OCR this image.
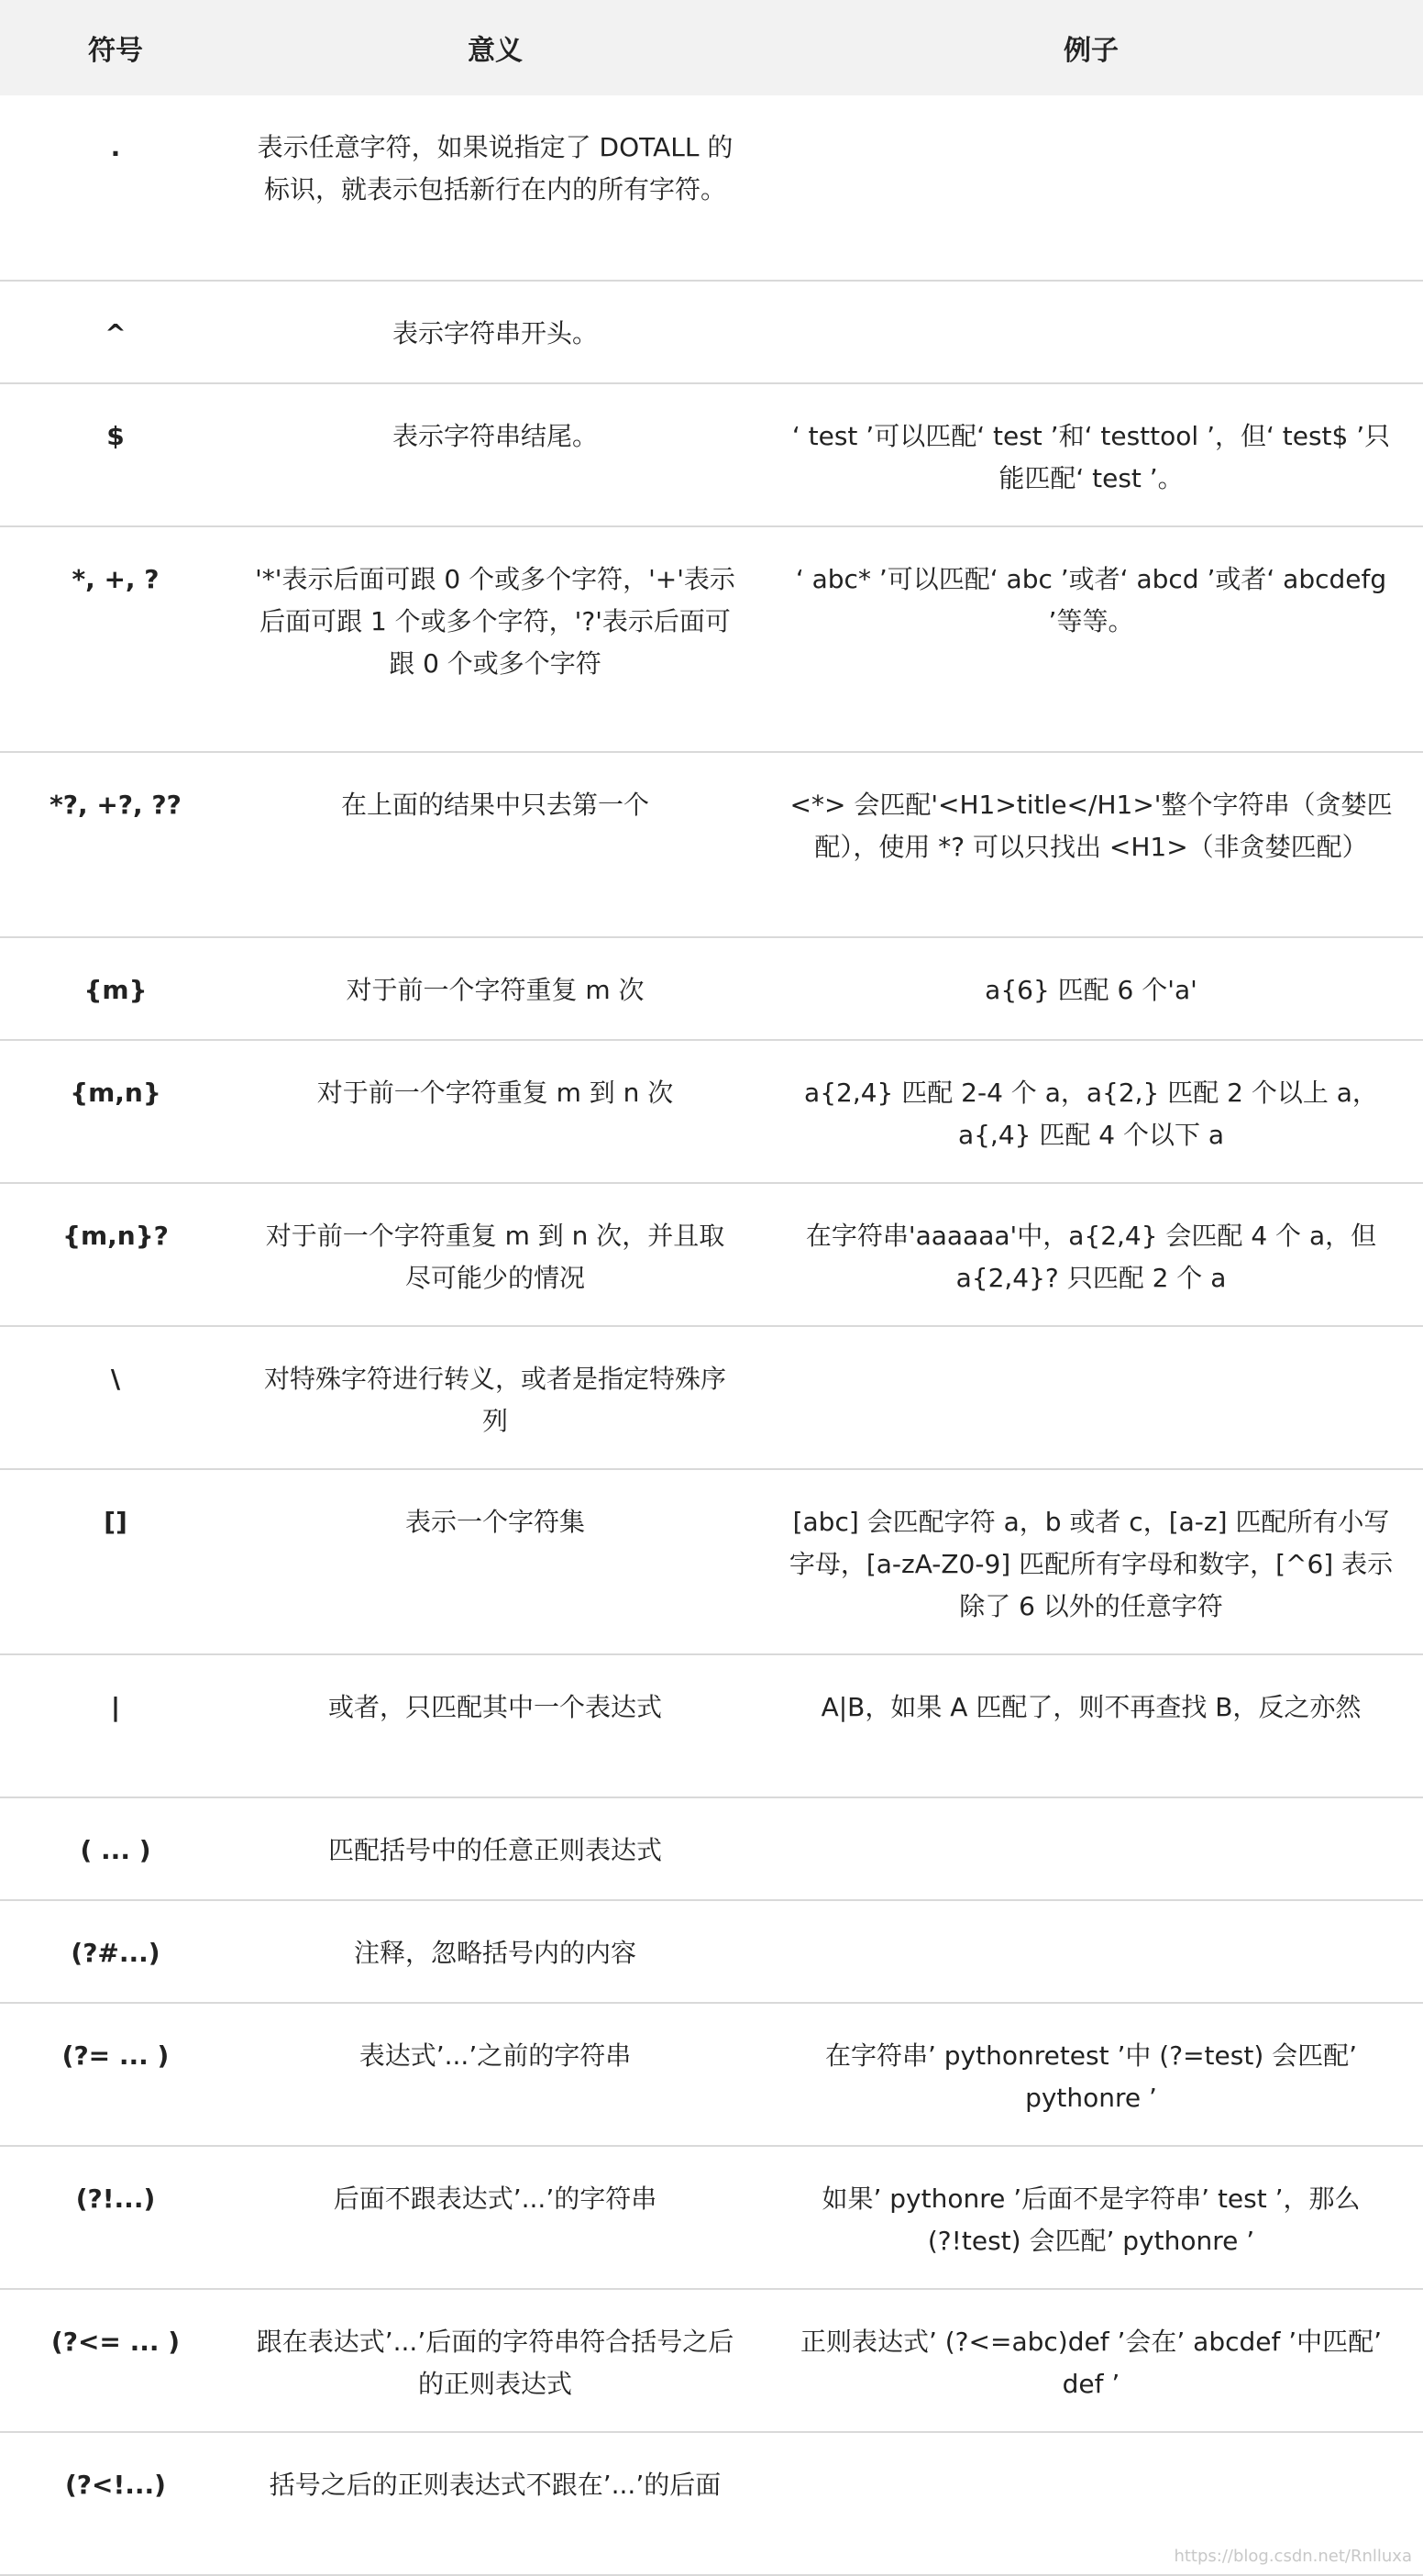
符号	意义	例子
.	表示任意字符，如果说指定了 DOTALL 的标识，就表示包括新行在内的所有字符。	
^	表示字符串开头。	
$	表示字符串结尾。	‘ test ’可以匹配‘ test ’和‘ testtool ’，但‘ test$ ’只能匹配‘ test ’。
*, +, ?	'*'表示后面可跟 0 个或多个字符，'+'表示后面可跟 1 个或多个字符，'?'表示后面可跟 0 个或多个字符	‘ abc* ’可以匹配‘ abc ’或者‘ abcd ’或者‘ abcdefg ’等等。
*?, +?, ??	在上面的结果中只去第一个	<*> 会匹配'<H1>title</H1>'整个字符串（贪婪匹配），使用 *? 可以只找出 <H1>（非贪婪匹配）
{m}	对于前一个字符重复 m 次	a{6} 匹配 6 个'a'
{m,n}	对于前一个字符重复 m 到 n 次	a{2,4} 匹配 2-4 个 a，a{2,} 匹配 2 个以上 a，a{,4} 匹配 4 个以下 a
{m,n}?	对于前一个字符重复 m 到 n 次，并且取尽可能少的情况	在字符串'aaaaaa'中，a{2,4} 会匹配 4 个 a，但 a{2,4}? 只匹配 2 个 a
\	对特殊字符进行转义，或者是指定特殊序列	
[]	表示一个字符集	[abc] 会匹配字符 a，b 或者 c，[a-z] 匹配所有小写字母，[a-zA-Z0-9] 匹配所有字母和数字，[^6] 表示除了 6 以外的任意字符
|	或者，只匹配其中一个表达式	A|B，如果 A 匹配了，则不再查找 B，反之亦然
( ... )	匹配括号中的任意正则表达式	
(?#...)	注释，忽略括号内的内容	
(?= ... )	表达式’...’之前的字符串	在字符串’ pythonretest ’中 (?=test) 会匹配’ pythonre ’
(?!...)	后面不跟表达式’...’的字符串	如果’ pythonre ’后面不是字符串’ test ’，那么 (?!test) 会匹配’ pythonre ’
(?<= ... )	跟在表达式’...’后面的字符串符合括号之后的正则表达式	正则表达式’ (?<=abc)def ’会在’ abcdef ’中匹配’ def ’
(?<!...)	括号之后的正则表达式不跟在’...’的后面	
https://blog.csdn.net/Rnlluxa
